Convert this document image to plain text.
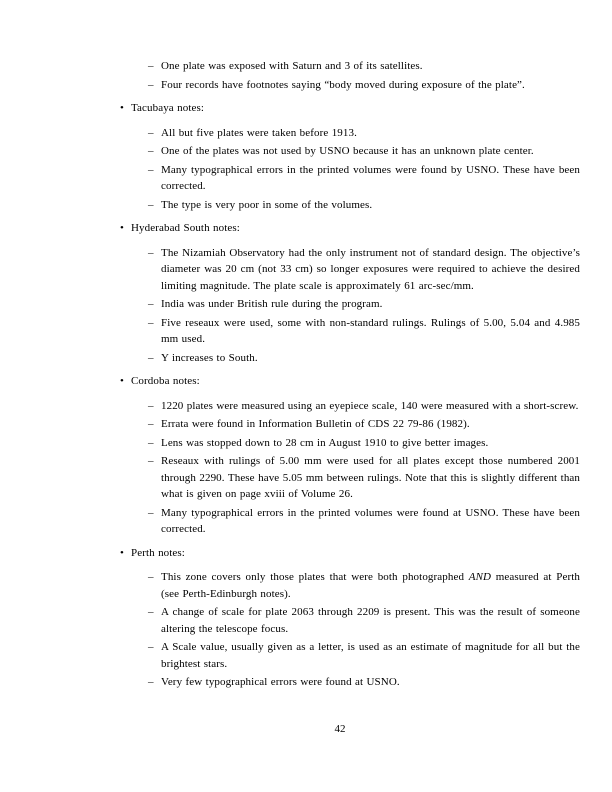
– One plate was exposed with Saturn and 3 of its satellites.
– Four records have footnotes saying “body moved during exposure of the plate”.
• Tacubaya notes:
– All but five plates were taken before 1913.
– One of the plates was not used by USNO because it has an unknown plate center.
– Many typographical errors in the printed volumes were found by USNO. These have been corrected.
– The type is very poor in some of the volumes.
• Hyderabad South notes:
– The Nizamiah Observatory had the only instrument not of standard design. The objective’s diameter was 20 cm (not 33 cm) so longer exposures were required to achieve the desired limiting magnitude. The plate scale is approximately 61 arc-sec/mm.
– India was under British rule during the program.
– Five reseaux were used, some with non-standard rulings. Rulings of 5.00, 5.04 and 4.985 mm used.
– Y increases to South.
• Cordoba notes:
– 1220 plates were measured using an eyepiece scale, 140 were measured with a short-screw.
– Errata were found in Information Bulletin of CDS 22 79-86 (1982).
– Lens was stopped down to 28 cm in August 1910 to give better images.
– Reseaux with rulings of 5.00 mm were used for all plates except those numbered 2001 through 2290. These have 5.05 mm between rulings. Note that this is slightly different than what is given on page xviii of Volume 26.
– Many typographical errors in the printed volumes were found at USNO. These have been corrected.
• Perth notes:
– This zone covers only those plates that were both photographed AND measured at Perth (see Perth-Edinburgh notes).
– A change of scale for plate 2063 through 2209 is present. This was the result of someone altering the telescope focus.
– A Scale value, usually given as a letter, is used as an estimate of magnitude for all but the brightest stars.
– Very few typographical errors were found at USNO.
42
